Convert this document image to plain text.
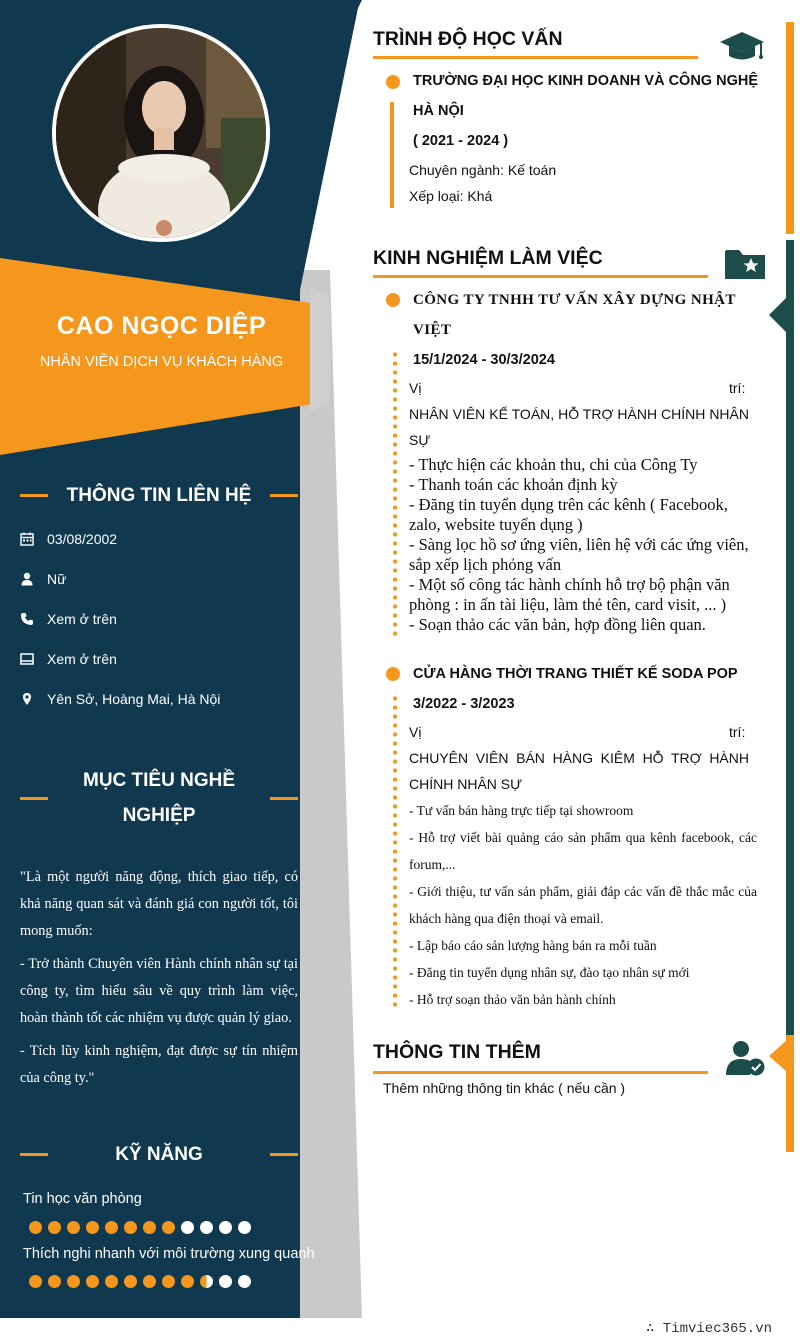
CAO NGỌC DIỆP
NHÂN VIÊN DỊCH VỤ KHÁCH HÀNG
THÔNG TIN LIÊN HỆ
03/08/2002
Nữ
Xem ở trên
Xem ở trên
Yên Sở, Hoàng Mai, Hà Nội
MỤC TIÊU NGHỀ
NGHIỆP

"Là một người năng động, thích giao tiếp, có khả năng quan sát và đánh giá con người tốt, tôi mong muốn:

- Trở thành Chuyên viên Hành chính nhân sự tại công ty, tìm hiểu sâu về quy trình làm việc, hoàn thành tốt các nhiệm vụ được quản lý giao.

- Tích lũy kinh nghiệm, đạt được sự tín nhiệm của công ty."

KỸ NĂNG
Tin học văn phòng
Thích nghi nhanh với môi trường xung quanh
TRÌNH ĐỘ HỌC VẤN
TRƯỜNG ĐẠI HỌC KINH DOANH VÀ CÔNG NGHỆ
HÀ NỘI
( 2021 - 2024 )
Chuyên ngành: Kế toán
Xếp loại: Khá
KINH NGHIỆM LÀM VIỆC
CÔNG TY TNHH TƯ VẤN XÂY DỰNG NHẬT
VIỆT
15/1/2024 - 30/3/2024
Vị	trí:
NHÂN VIÊN KẾ TOÁN, HỖ TRỢ HÀNH CHÍNH NHÂN
SỰ
- Thực hiện các khoản thu, chi của Công Ty
- Thanh toán các khoản định kỳ
- Đăng tin tuyển dụng trên các kênh ( Facebook, zalo, website tuyển dụng )
- Sàng lọc hồ sơ ứng viên, liên hệ với các ứng viên, sắp xếp lịch phỏng vấn
- Một số công tác hành chính hỗ trợ bộ phận văn phòng : in ấn tài liệu, làm thẻ tên, card visit, ... )
- Soạn thảo các văn bản, hợp đồng liên quan.
CỬA HÀNG THỜI TRANG THIẾT KẾ SODA POP
3/2022 - 3/2023
Vị	trí:
CHUYÊN VIÊN BÁN HÀNG KIÊM HỖ TRỢ HÀNH
CHÍNH NHÂN SỰ

- Tư vấn bán hàng trực tiếp tại showroom

- Hỗ trợ viết bài quảng cáo sản phẩm qua kênh facebook, các forum,...

- Giới thiệu, tư vấn sản phẩm, giải đáp các vấn đề thắc mắc của khách hàng qua điện thoại và email.

- Lập báo cáo sản lượng hàng bán ra mỗi tuần

- Đăng tin tuyển dụng nhân sự, đào tạo nhân sự mới

- Hỗ trợ soạn thảo văn bản hành chính

THÔNG TIN THÊM
Thêm những thông tin khác ( nếu cần )
∴ Timviec365.vn
